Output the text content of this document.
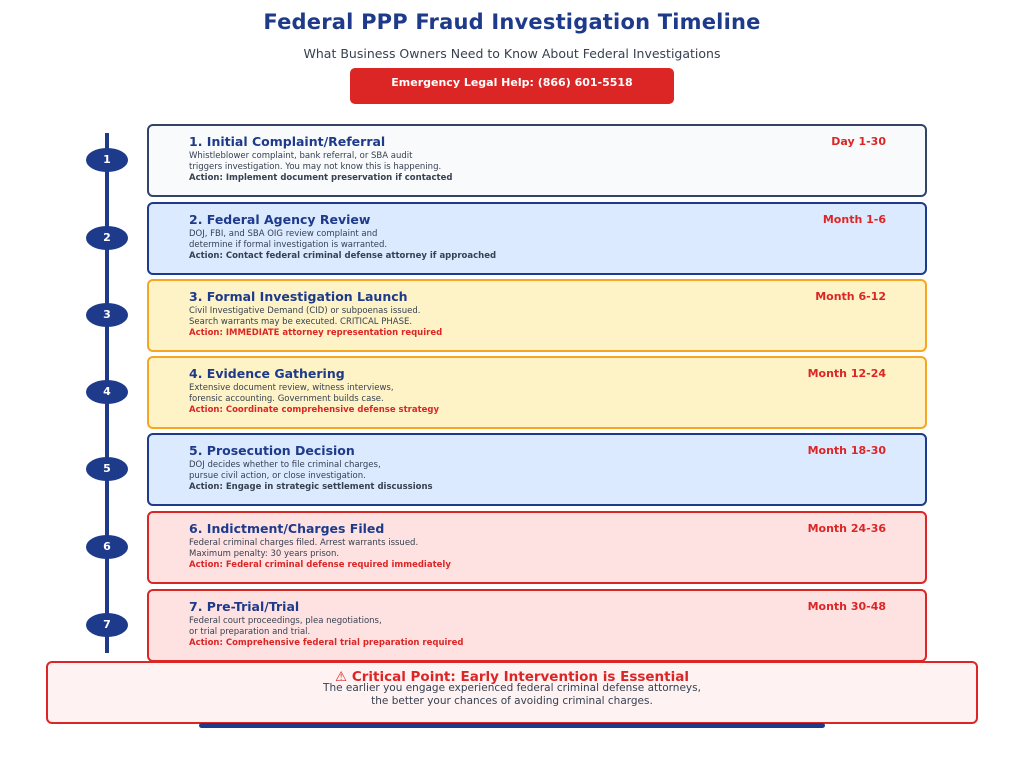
Federal PPP Fraud Investigation Timeline
What Business Owners Need to Know About Federal Investigations
Emergency Legal Help: (866) 601-5518
1
1. Initial Complaint/Referral	Day 1-30
Whistleblower complaint, bank referral, or SBA audit
triggers investigation. You may not know this is happening.
Action: Implement document preservation if contacted
2
2. Federal Agency Review	Month 1-6
DOJ, FBI, and SBA OIG review complaint and
determine if formal investigation is warranted.
Action: Contact federal criminal defense attorney if approached
3
3. Formal Investigation Launch	Month 6-12
Civil Investigative Demand (CID) or subpoenas issued.
Search warrants may be executed. CRITICAL PHASE.
Action: IMMEDIATE attorney representation required
4
4. Evidence Gathering	Month 12-24
Extensive document review, witness interviews,
forensic accounting. Government builds case.
Action: Coordinate comprehensive defense strategy
5
5. Prosecution Decision	Month 18-30
DOJ decides whether to file criminal charges,
pursue civil action, or close investigation.
Action: Engage in strategic settlement discussions
6
6. Indictment/Charges Filed	Month 24-36
Federal criminal charges filed. Arrest warrants issued.
Maximum penalty: 30 years prison.
Action: Federal criminal defense required immediately
7
7. Pre-Trial/Trial	Month 30-48
Federal court proceedings, plea negotiations,
or trial preparation and trial.
Action: Comprehensive federal trial preparation required
⚠ Critical Point: Early Intervention is Essential
The earlier you engage experienced federal criminal defense attorneys,
the better your chances of avoiding criminal charges.
